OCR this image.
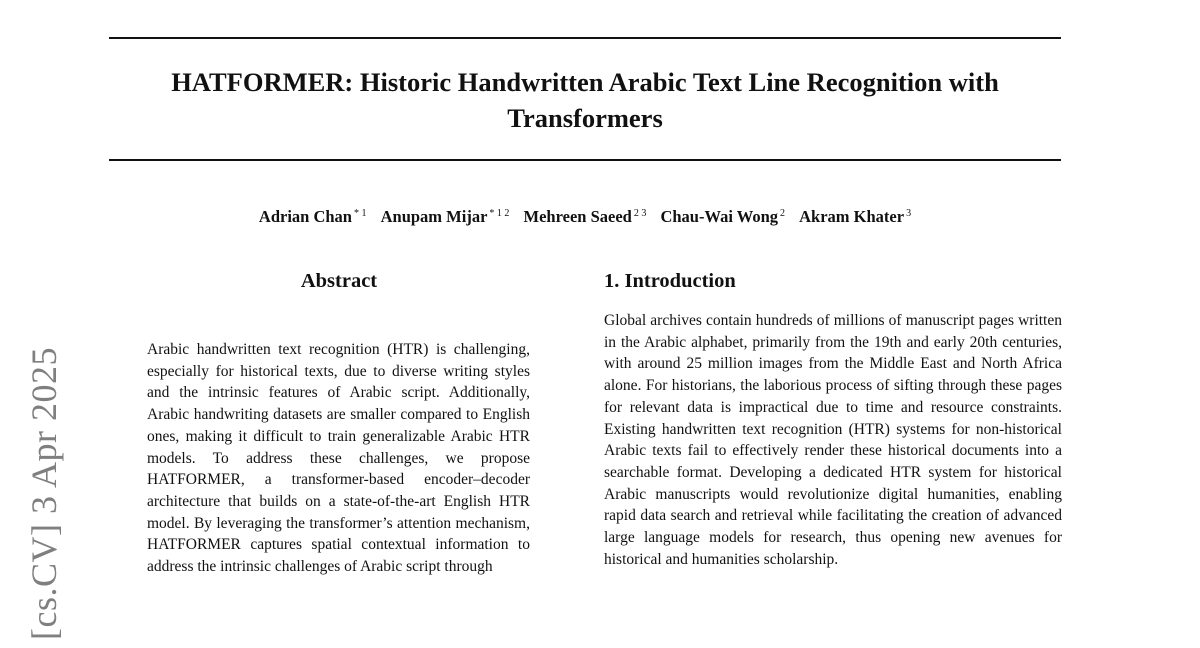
HATFORMER: Historic Handwritten Arabic Text Line Recognition with Transformers
Adrian Chan $^{* 1}$ Anupam Mijar $^{* 1 2}$ Mehreen Saeed $^{2 3}$ Chau-Wai Wong $^2$ Akram Khater $^3$
[cs.CV] 3 Apr 2025
Abstract	1. Introduction

Arabic handwritten text recognition (HTR) is challenging, especially for historical texts, due to diverse writing styles and the intrinsic features of Arabic script. Additionally, Arabic handwriting datasets are smaller compared to English ones, making it difficult to train generalizable Arabic HTR models. To address these challenges, we propose HATFORMER, a transformer-based encoder–decoder architecture that builds on a state-of-the-art English HTR model. By leveraging the transformer’s attention mechanism, HATFORMER captures spatial contextual information to address the intrinsic challenges of Arabic script through

Global archives contain hundreds of millions of manuscript pages written in the Arabic alphabet, primarily from the 19th and early 20th centuries, with around 25 million images from the Middle East and North Africa alone. For historians, the laborious process of sifting through these pages for relevant data is impractical due to time and resource constraints. Existing handwritten text recognition (HTR) systems for non-historical Arabic texts fail to effectively render these historical documents into a searchable format. Developing a dedicated HTR system for historical Arabic manuscripts would revolutionize digital humanities, enabling rapid data search and retrieval while facilitating the creation of advanced large language models for research, thus opening new avenues for historical and humanities scholarship.
